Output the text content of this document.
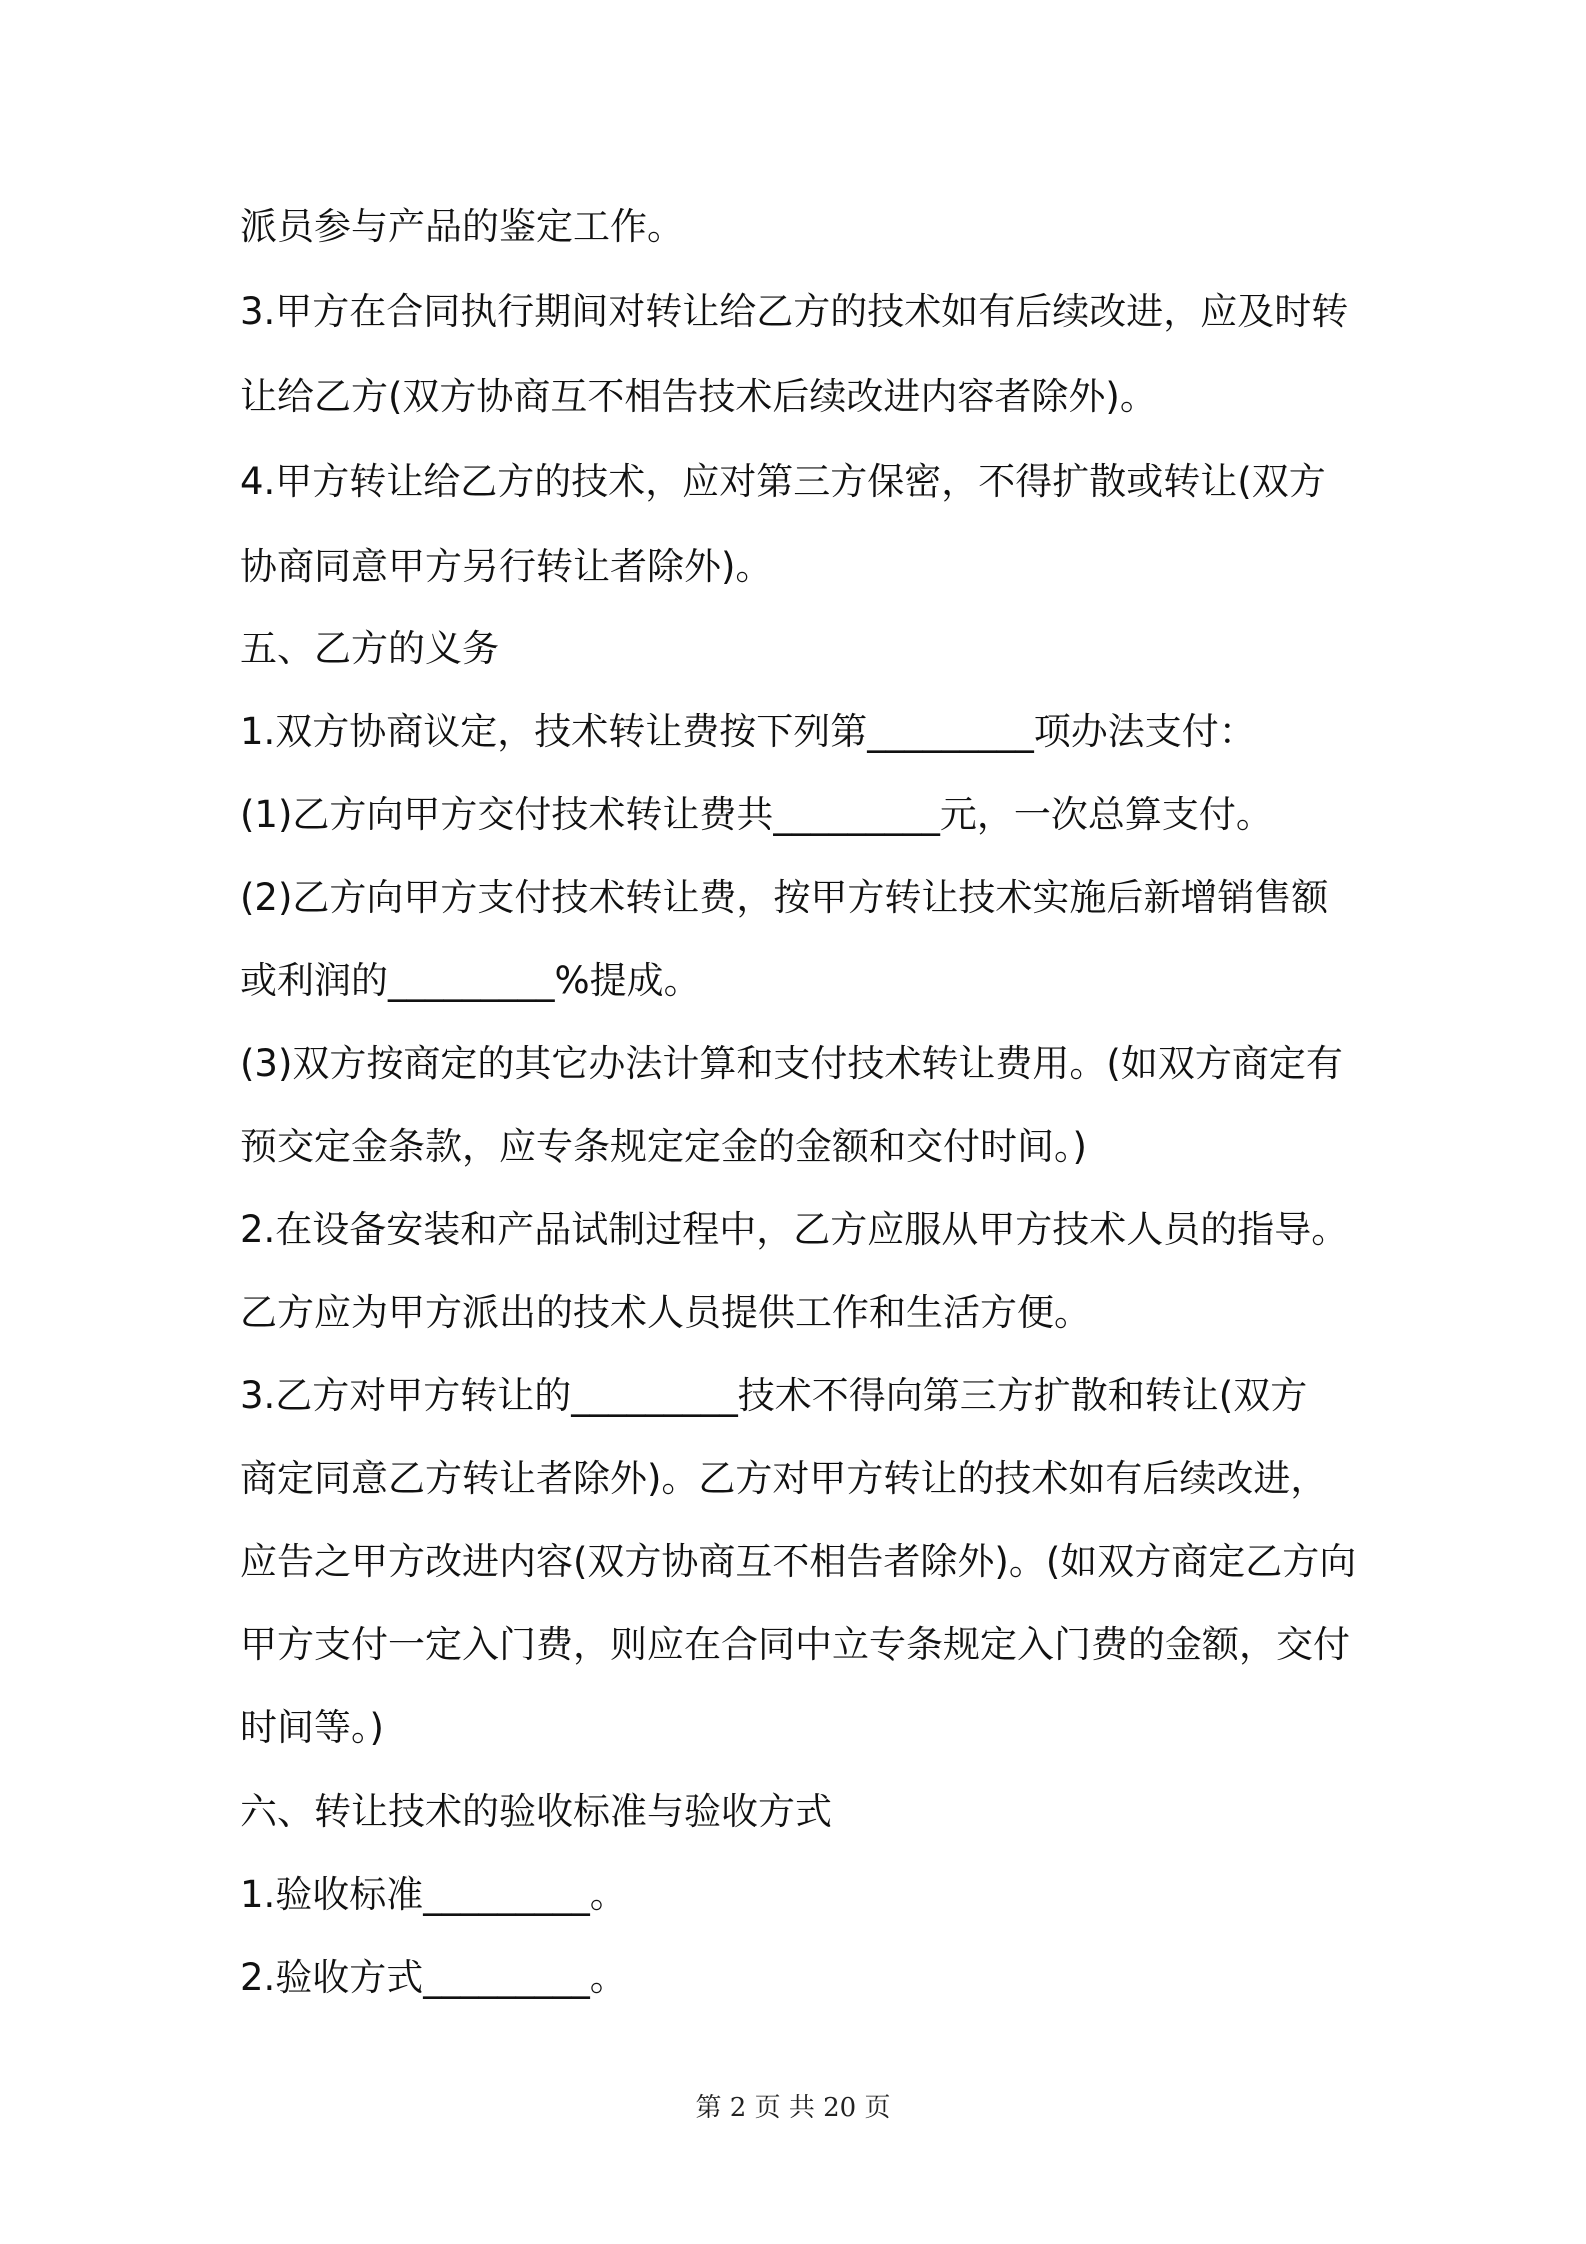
派员参与产品的鉴定工作。
3.甲方在合同执行期间对转让给乙方的技术如有后续改进，应及时转
让给乙方(双方协商互不相告技术后续改进内容者除外)。
4.甲方转让给乙方的技术，应对第三方保密，不得扩散或转让(双方
协商同意甲方另行转让者除外)。
五、乙方的义务
1.双方协商议定，技术转让费按下列第_________项办法支付：
(1)乙方向甲方交付技术转让费共_________元，一次总算支付。
(2)乙方向甲方支付技术转让费，按甲方转让技术实施后新增销售额
或利润的_________%提成。
(3)双方按商定的其它办法计算和支付技术转让费用。(如双方商定有
预交定金条款，应专条规定定金的金额和交付时间。)
2.在设备安装和产品试制过程中，乙方应服从甲方技术人员的指导。
乙方应为甲方派出的技术人员提供工作和生活方便。
3.乙方对甲方转让的_________技术不得向第三方扩散和转让(双方
商定同意乙方转让者除外)。乙方对甲方转让的技术如有后续改进，
应告之甲方改进内容(双方协商互不相告者除外)。(如双方商定乙方向
甲方支付一定入门费，则应在合同中立专条规定入门费的金额，交付
时间等。)
六、转让技术的验收标准与验收方式
1.验收标准_________。
2.验收方式_________。
第 2 页 共 20 页
